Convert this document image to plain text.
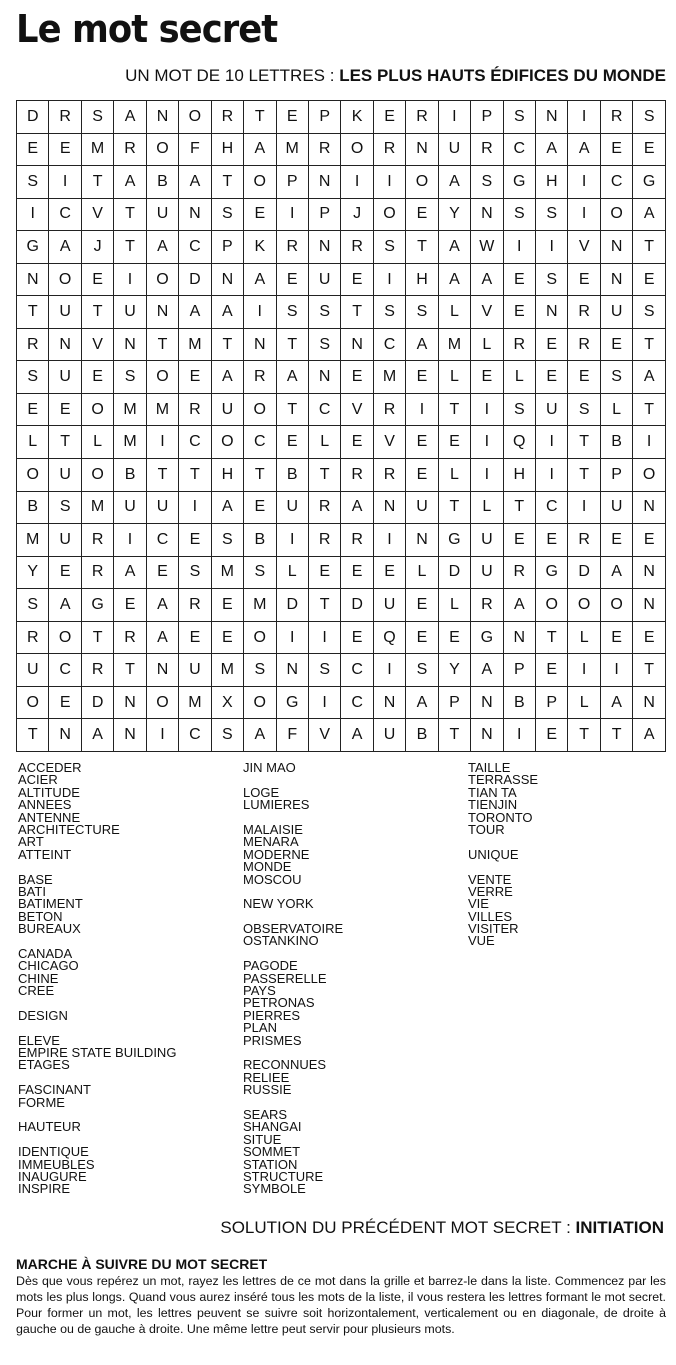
Le mot secret
UN MOT DE 10 LETTRES : LES PLUS HAUTS ÉDIFICES DU MONDE
D	R	S	A	N	O	R	T	E	P	K	E	R	I	P	S	N	I	R	S
E	E	M	R	O	F	H	A	M	R	O	R	N	U	R	C	A	A	E	E
S	I	T	A	B	A	T	O	P	N	I	I	O	A	S	G	H	I	C	G
I	C	V	T	U	N	S	E	I	P	J	O	E	Y	N	S	S	I	O	A
G	A	J	T	A	C	P	K	R	N	R	S	T	A	W	I	I	V	N	T
N	O	E	I	O	D	N	A	E	U	E	I	H	A	A	E	S	E	N	E
T	U	T	U	N	A	A	I	S	S	T	S	S	L	V	E	N	R	U	S
R	N	V	N	T	M	T	N	T	S	N	C	A	M	L	R	E	R	E	T
S	U	E	S	O	E	A	R	A	N	E	M	E	L	E	L	E	E	S	A
E	E	O	M	M	R	U	O	T	C	V	R	I	T	I	S	U	S	L	T
L	T	L	M	I	C	O	C	E	L	E	V	E	E	I	Q	I	T	B	I
O	U	O	B	T	T	H	T	B	T	R	R	E	L	I	H	I	T	P	O
B	S	M	U	U	I	A	E	U	R	A	N	U	T	L	T	C	I	U	N
M	U	R	I	C	E	S	B	I	R	R	I	N	G	U	E	E	R	E	E
Y	E	R	A	E	S	M	S	L	E	E	E	L	D	U	R	G	D	A	N
S	A	G	E	A	R	E	M	D	T	D	U	E	L	R	A	O	O	O	N
R	O	T	R	A	E	E	O	I	I	E	Q	E	E	G	N	T	L	E	E
U	C	R	T	N	U	M	S	N	S	C	I	S	Y	A	P	E	I	I	T
O	E	D	N	O	M	X	O	G	I	C	N	A	P	N	B	P	L	A	N
T	N	A	N	I	C	S	A	F	V	A	U	B	T	N	I	E	T	T	A
ACCEDER
ACIER
ALTITUDE
ANNEES
ANTENNE
ARCHITECTURE
ART
ATTEINT
BASE
BATI
BATIMENT
BETON
BUREAUX
CANADA
CHICAGO
CHINE
CREE
DESIGN
ELEVE
EMPIRE STATE BUILDING
ETAGES
FASCINANT
FORME
HAUTEUR
IDENTIQUE
IMMEUBLES
INAUGURE
INSPIRE
JIN MAO
LOGE
LUMIERES
MALAISIE
MENARA
MODERNE
MONDE
MOSCOU
NEW YORK
OBSERVATOIRE
OSTANKINO
PAGODE
PASSERELLE
PAYS
PETRONAS
PIERRES
PLAN
PRISMES
RECONNUES
RELIEE
RUSSIE
SEARS
SHANGAI
SITUE
SOMMET
STATION
STRUCTURE
SYMBOLE
TAILLE
TERRASSE
TIAN TA
TIENJIN
TORONTO
TOUR
UNIQUE
VENTE
VERRE
VIE
VILLES
VISITER
VUE
SOLUTION DU PRÉCÉDENT MOT SECRET : INITIATION
MARCHE À SUIVRE DU MOT SECRET
Dès que vous repérez un mot, rayez les lettres de ce mot dans la grille et barrez-le dans la liste. Commencez par les mots les plus longs. Quand vous aurez inséré tous les mots de la liste, il vous restera les lettres formant le mot secret. Pour former un mot, les lettres peuvent se suivre soit horizontalement, verticalement ou en diagonale, de droite à gauche ou de gauche à droite. Une même lettre peut servir pour plusieurs mots.
